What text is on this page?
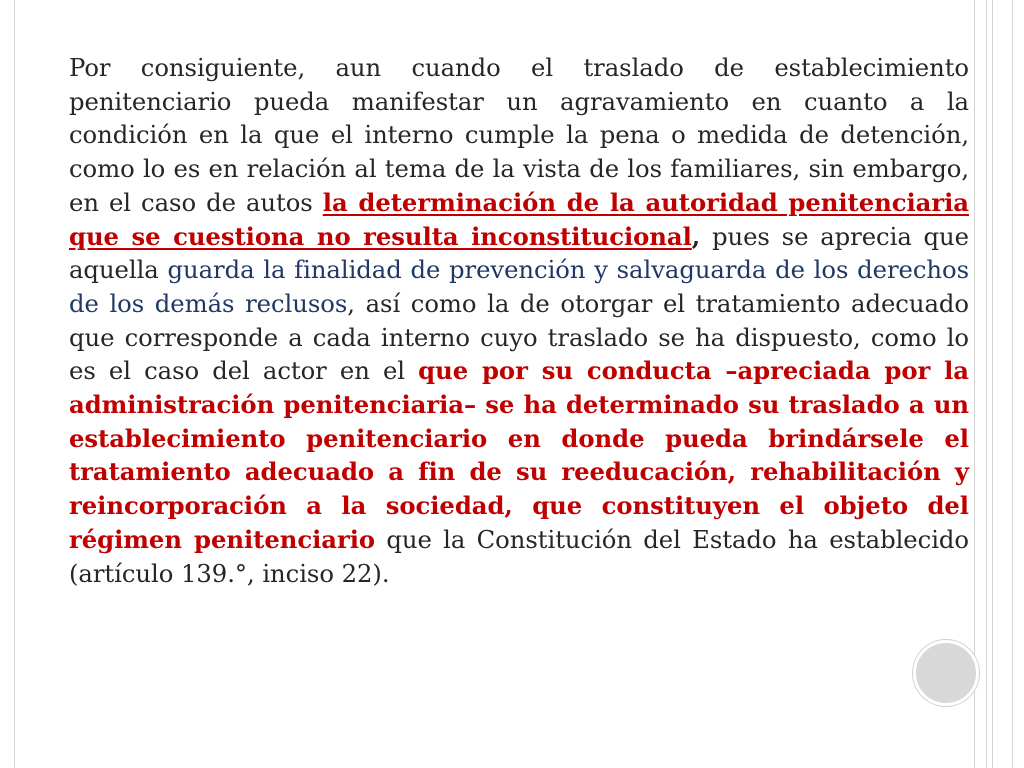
Por consiguiente, aun cuando el traslado de establecimiento penitenciario pueda manifestar un agravamiento en cuanto a la condición en la que el interno cumple la pena o medida de detención, como lo es en relación al tema de la vista de los familiares, sin embargo, en el caso de autos la determinación de la autoridad penitenciaria que se cuestiona no resulta inconstitucional, pues se aprecia que aquella guarda la finalidad de prevención y salvaguarda de los derechos de los demás reclusos, así como la de otorgar el tratamiento adecuado que corresponde a cada interno cuyo traslado se ha dispuesto, como lo es el caso del actor en el que por su conducta –apreciada por la administración penitenciaria– se ha determinado su traslado a un establecimiento penitenciario en donde pueda brindársele el tratamiento adecuado a fin de su reeducación, rehabilitación y reincorporación a la sociedad, que constituyen el objeto del régimen penitenciario que la Constitución del Estado ha establecido (artículo 139.°, inciso 22).
